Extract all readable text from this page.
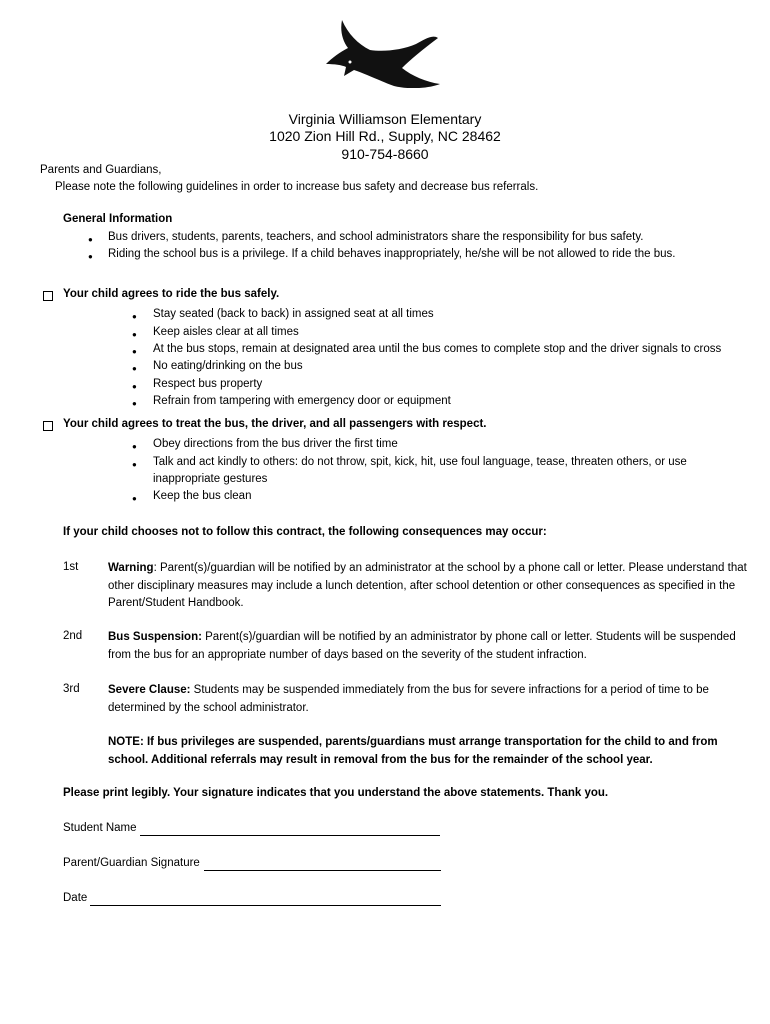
Virginia Williamson Elementary
1020 Zion Hill Rd., Supply, NC 28462
910-754-8660
Parents and Guardians,
Please note the following guidelines in order to increase bus safety and decrease bus referrals.
General Information
● Bus drivers, students, parents, teachers, and school administrators share the responsibility for bus safety.
● Riding the school bus is a privilege. If a child behaves inappropriately, he/she will be not allowed to ride the bus.
Your child agrees to ride the bus safely.
● Stay seated (back to back) in assigned seat at all times
● Keep aisles clear at all times
● At the bus stops, remain at designated area until the bus comes to complete stop and the driver signals to cross
● No eating/drinking on the bus
● Respect bus property
● Refrain from tampering with emergency door or equipment
Your child agrees to treat the bus, the driver, and all passengers with respect.
● Obey directions from the bus driver the first time
● Talk and act kindly to others: do not throw, spit, kick, hit, use foul language, tease, threaten others, or use
inappropriate gestures
● Keep the bus clean
If your child chooses not to follow this contract, the following consequences may occur:
1st	Warning: Parent(s)/guardian will be notified by an administrator at the school by a phone call or letter. Please understand that other disciplinary measures may include a lunch detention, after school detention or other consequences as specified in the Parent/Student Handbook.
2nd Bus Suspension: Parent(s)/guardian will be notified by an administrator by phone call or letter. Students will be suspended from the bus for an appropriate number of days based on the severity of the student infraction.
3rd Severe Clause: Students may be suspended immediately from the bus for severe infractions for a period of time to be determined by the school administrator.
NOTE: If bus privileges are suspended, parents/guardians must arrange transportation for the child to and from school. Additional referrals may result in removal from the bus for the remainder of the school year.
Please print legibly. Your signature indicates that you understand the above statements. Thank you.
Student Name
Parent/Guardian Signature
Date
